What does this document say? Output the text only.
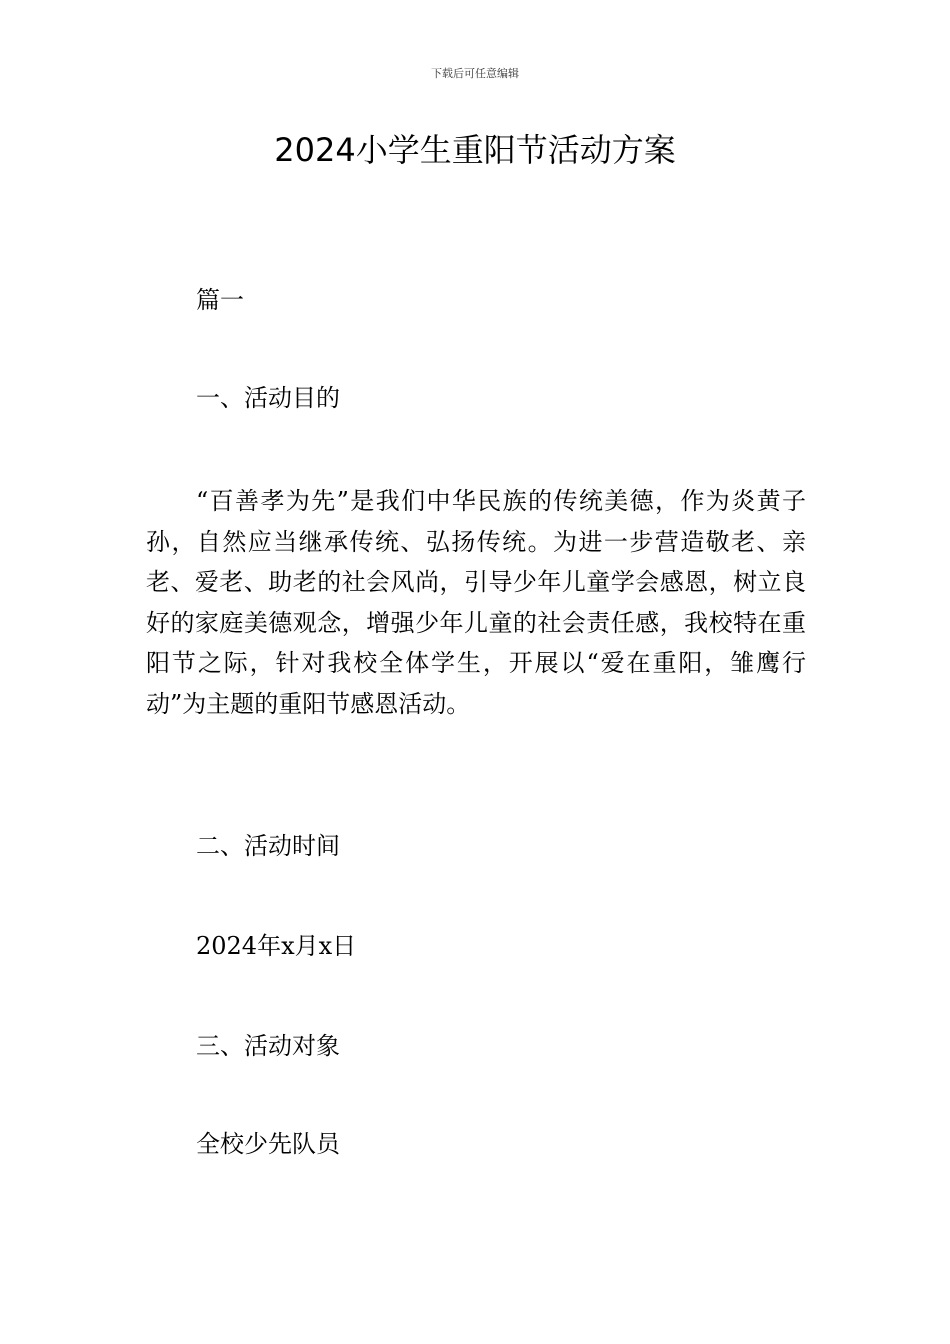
下载后可任意编辑
2024小学生重阳节活动方案
篇一
一、活动目的

“百善孝为先”是我们中华民族的传统美德，作为炎黄子孙，自然应当继承传统、弘扬传统。为进一步营造敬老、亲老、爱老、助老的社会风尚，引导少年儿童学会感恩，树立良好的家庭美德观念，增强少年儿童的社会责任感，我校特在重阳节之际，针对我校全体学生，开展以“爱在重阳，雏鹰行动”为主题的重阳节感恩活动。

二、活动时间
2024年x月x日
三、活动对象
全校少先队员
